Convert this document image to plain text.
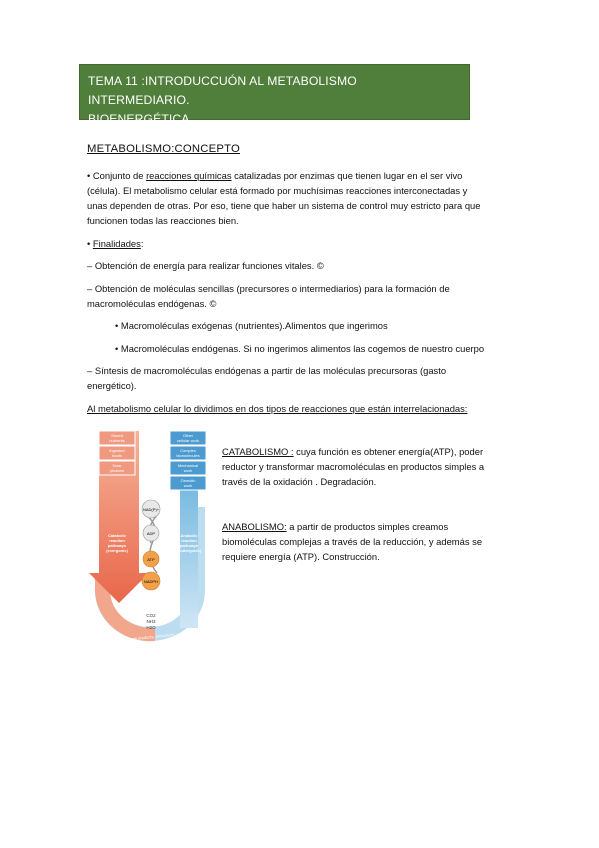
TEMA 11 :INTRODUCCUÓN AL METABOLISMO INTERMEDIARIO.
BIOENERGÉTICA.
METABOLISMO:CONCEPTO
• Conjunto de reacciones químicas catalizadas por enzimas que tienen lugar en el ser vivo
(célula). El metabolismo celular está formado por muchísimas reacciones interconectadas y
unas dependen de otras. Por eso, tiene que haber un sistema de control muy estricto para que
funcionen todas las reacciones bien.
• Finalidades:
– Obtención de energía para realizar funciones vitales. ©
– Obtención de moléculas sencillas (precursores o intermediarios) para la formación de
macromoléculas endógenas. ©
• Macromoléculas exógenas (nutrientes).Alimentos que ingerimos
• Macromoléculas endógenas. Si no ingerimos alimentos las cogemos de nuestro cuerpo
– Síntesis de macromoléculas endógenas a partir de las moléculas precursoras (gasto
energético).
Al metabolismo celular lo dividimos en dos tipos de reacciones que están interrelacionadas:
Stored
nutrients
Ingested
foods
Solar
photons
Other
cellular work
Complex
biomolecules
Mechanical
work
Osmotic
work
Catabolic
reaction
pathways
(exergonic)
Anabolic
reaction
pathways
(endergonic)
NAD(P)+
ADP
ATP
NADPH
CO2
NH3
H2O
Simple products, precursors
CATABOLISMO : cuya función es obtener energía(ATP), poder
reductor y transformar macromoléculas en productos simples a
través de la oxidación . Degradación.
ANABOLISMO: a partir de productos simples creamos
biomoléculas complejas a través de la reducción, y además se
requiere energía (ATP). Construcción.
